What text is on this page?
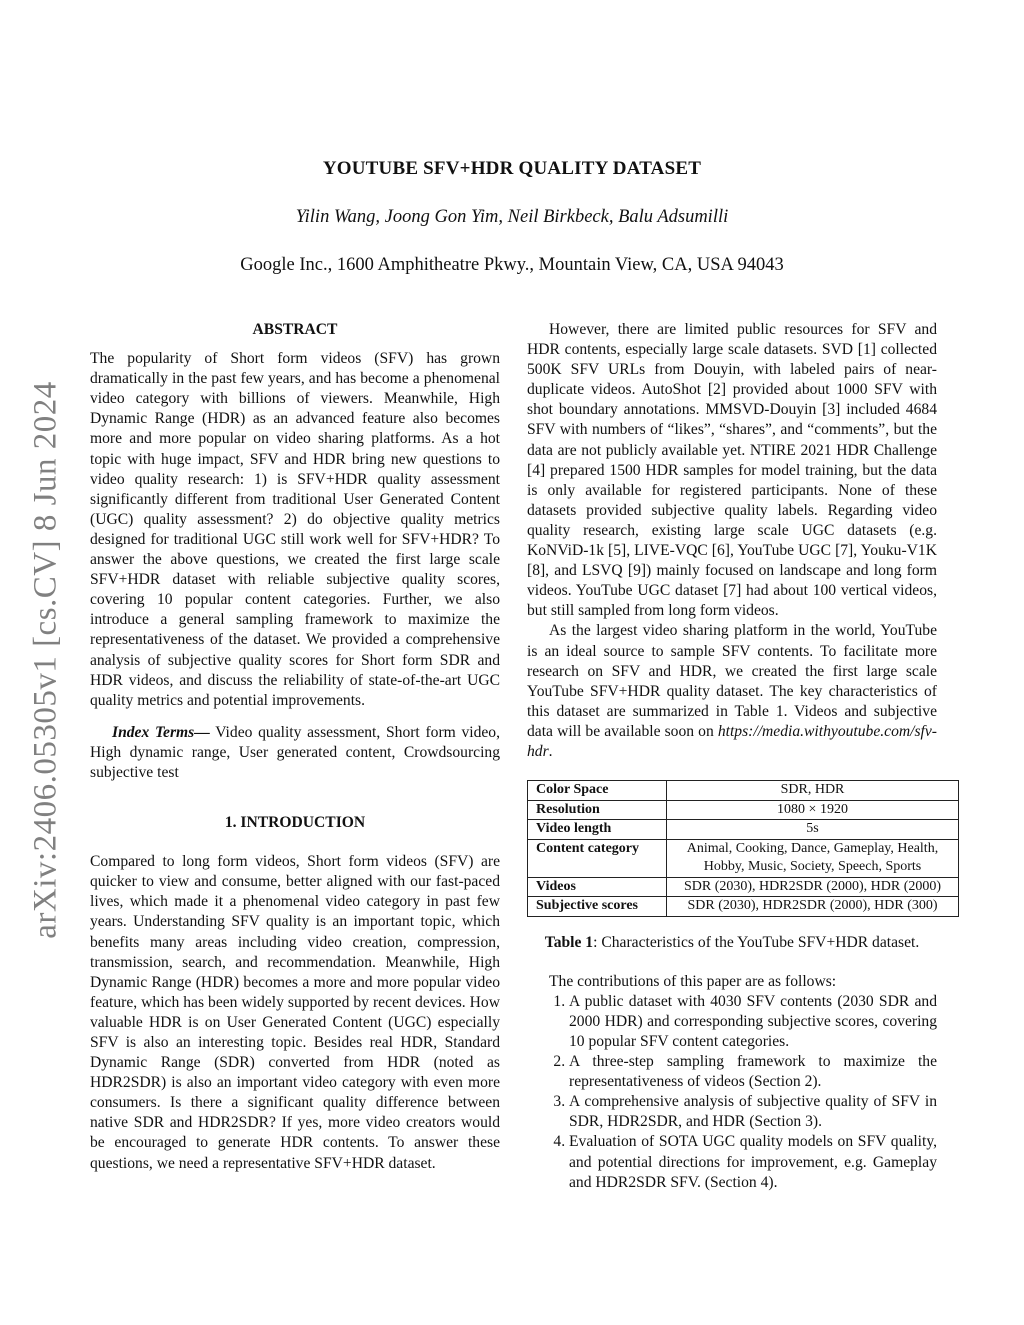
arXiv:2406.05305v1 [cs.CV] 8 Jun 2024
YOUTUBE SFV+HDR QUALITY DATASET
Yilin Wang, Joong Gon Yim, Neil Birkbeck, Balu Adsumilli
Google Inc., 1600 Amphitheatre Pkwy., Mountain View, CA, USA 94043
ABSTRACT

The popularity of Short form videos (SFV) has grown dramatically in the past few years, and has become a phenomenal video category with billions of viewers. Meanwhile, High Dynamic Range (HDR) as an advanced feature also becomes more and more popular on video sharing platforms. As a hot topic with huge impact, SFV and HDR bring new questions to video quality research: 1) is SFV+HDR quality assessment significantly different from traditional User Generated Content (UGC) quality assessment? 2) do objective quality metrics designed for traditional UGC still work well for SFV+HDR? To answer the above questions, we created the first large scale SFV+HDR dataset with reliable subjective quality scores, covering 10 popular content categories. Further, we also introduce a general sampling framework to maximize the representativeness of the dataset. We provided a comprehensive analysis of subjective quality scores for Short form SDR and HDR videos, and discuss the reliability of state-of-the-art UGC quality metrics and potential improvements.

Index Terms— Video quality assessment, Short form video, High dynamic range, User generated content, Crowdsourcing subjective test

1. INTRODUCTION

Compared to long form videos, Short form videos (SFV) are quicker to view and consume, better aligned with our fast-paced lives, which made it a phenomenal video category in past few years. Understanding SFV quality is an important topic, which benefits many areas including video creation, compression, transmission, search, and recommendation. Meanwhile, High Dynamic Range (HDR) becomes a more and more popular video feature, which has been widely supported by recent devices. How valuable HDR is on User Generated Content (UGC) especially SFV is also an interesting topic. Besides real HDR, Standard Dynamic Range (SDR) converted from HDR (noted as HDR2SDR) is also an important video category with even more consumers. Is there a significant quality difference between native SDR and HDR2SDR? If yes, more video creators would be encouraged to generate HDR contents. To answer these questions, we need a representative SFV+HDR dataset.

However, there are limited public resources for SFV and HDR contents, especially large scale datasets. SVD [1] collected 500K SFV URLs from Douyin, with labeled pairs of near-duplicate videos. AutoShot [2] provided about 1000 SFV with shot boundary annotations. MMSVD-Douyin [3] included 4684 SFV with numbers of “likes”, “shares”, and “comments”, but the data are not publicly available yet. NTIRE 2021 HDR Challenge [4] prepared 1500 HDR samples for model training, but the data is only available for registered participants. None of these datasets provided subjective quality labels. Regarding video quality research, existing large scale UGC datasets (e.g. KoNViD-1k [5], LIVE-VQC [6], YouTube UGC [7], Youku-V1K [8], and LSVQ [9]) mainly focused on landscape and long form videos. YouTube UGC dataset [7] had about 100 vertical videos, but still sampled from long form videos.

As the largest video sharing platform in the world, YouTube is an ideal source to sample SFV contents. To facilitate more research on SFV and HDR, we created the first large scale YouTube SFV+HDR quality dataset. The key characteristics of this dataset are summarized in Table 1. Videos and subjective data will be available soon on https://media.withyoutube.com/sfv-hdr.

Color Space	SDR, HDR
Resolution	1080 × 1920
Video length	5s
Content category	Animal, Cooking, Dance, Gameplay, Health, Hobby, Music, Society, Speech, Sports
Videos	SDR (2030), HDR2SDR (2000), HDR (2000)
Subjective scores	SDR (2030), HDR2SDR (2000), HDR (300)
Table 1: Characteristics of the YouTube SFV+HDR dataset.

The contributions of this paper are as follows:

1. A public dataset with 4030 SFV contents (2030 SDR and 2000 HDR) and corresponding subjective scores, covering 10 popular SFV content categories.
2. A three-step sampling framework to maximize the representativeness of videos (Section 2).
3. A comprehensive analysis of subjective quality of SFV in SDR, HDR2SDR, and HDR (Section 3).
4. Evaluation of SOTA UGC quality models on SFV quality, and potential directions for improvement, e.g. Gameplay and HDR2SDR SFV. (Section 4).
